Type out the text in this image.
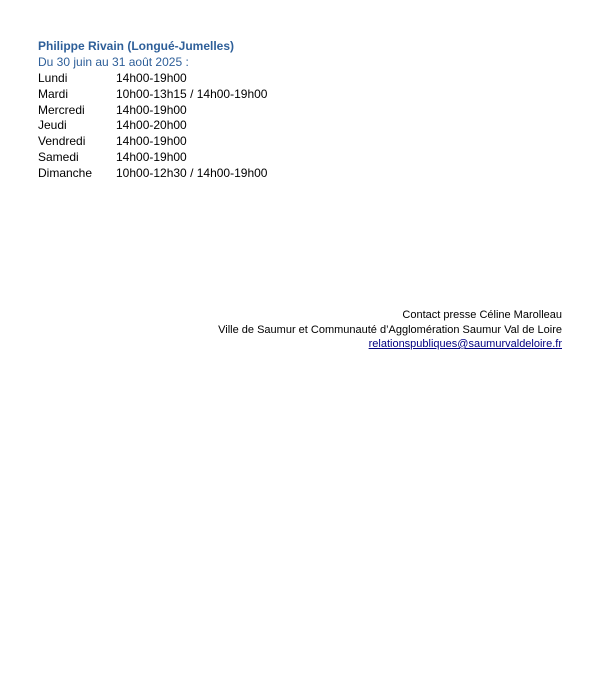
Philippe Rivain (Longué-Jumelles)
Du 30 juin au 31 août 2025 :
Lundi	14h00-19h00
Mardi	10h00-13h15 / 14h00-19h00
Mercredi	14h00-19h00
Jeudi	14h00-20h00
Vendredi	14h00-19h00
Samedi	14h00-19h00
Dimanche	10h00-12h30 / 14h00-19h00
Contact presse Céline Marolleau
Ville de Saumur et Communauté d’Agglomération Saumur Val de Loire
relationspubliques@saumurvaldeloire.fr
